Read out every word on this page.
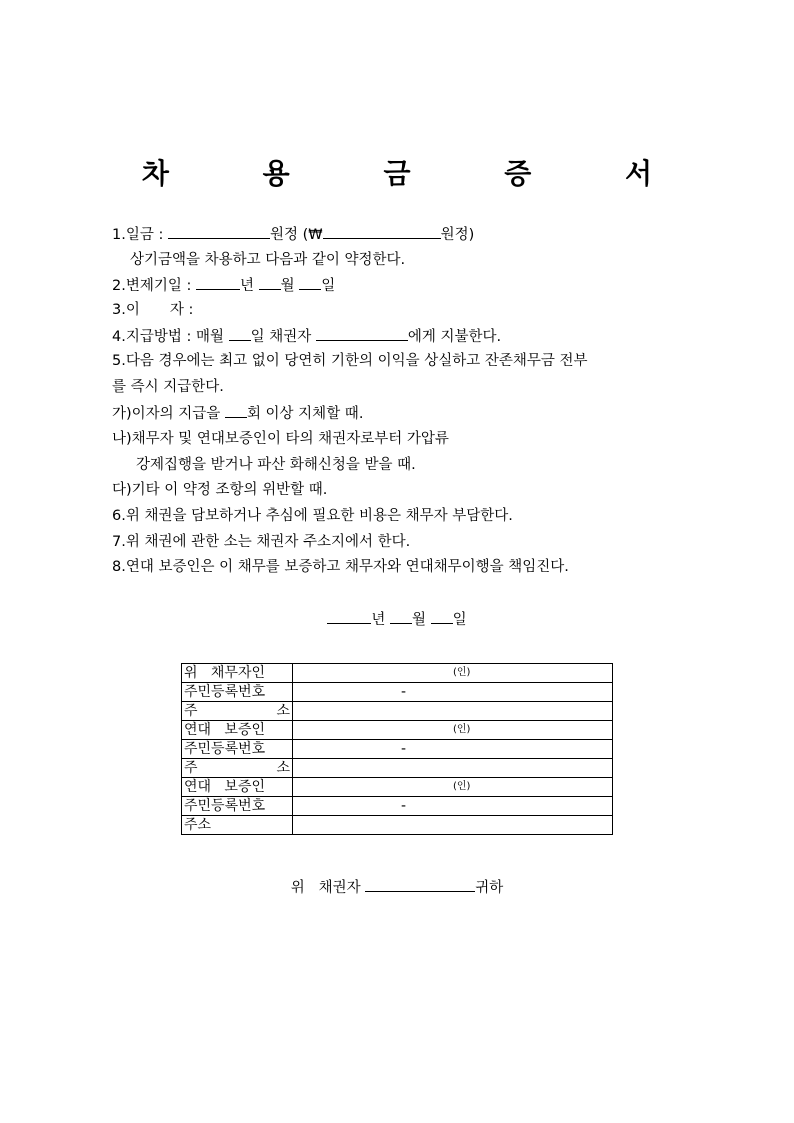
차 용 금 증 서
1.일금 :	원정 (₩	원정)
상기금액을 차용하고 다음과 같이 약정한다.
2.변제기일 :	년 월 일
3.이 자 :
4.지급방법 : 매월 일 채권자	에게 지불한다.
5.다음 경우에는 최고 없이 당연히 기한의 이익을 상실하고 잔존채무금 전부
를 즉시 지급한다.
가)이자의 지급을 회 이상 지체할 때.
나)채무자 및 연대보증인이 타의 채권자로부터 가압류
강제집행을 받거나 파산 화해신청을 받을 때.
다)기타 이 약정 조항의 위반할 때.
6.위 채권을 담보하거나 추심에 필요한 비용은 채무자 부담한다.
7.위 채권에 관한 소는 채권자 주소지에서 한다.
8.연대 보증인은 이 채무를 보증하고 채무자와 연대채무이행을 책임진다.
년 월 일
위 채무자인	(인)

주민등록번호	-

주 소	

연대 보증인	(인)

주민등록번호	-

주 소	

연대 보증인	(인)

주민등록번호	-

주소	
위 채권자	귀하
